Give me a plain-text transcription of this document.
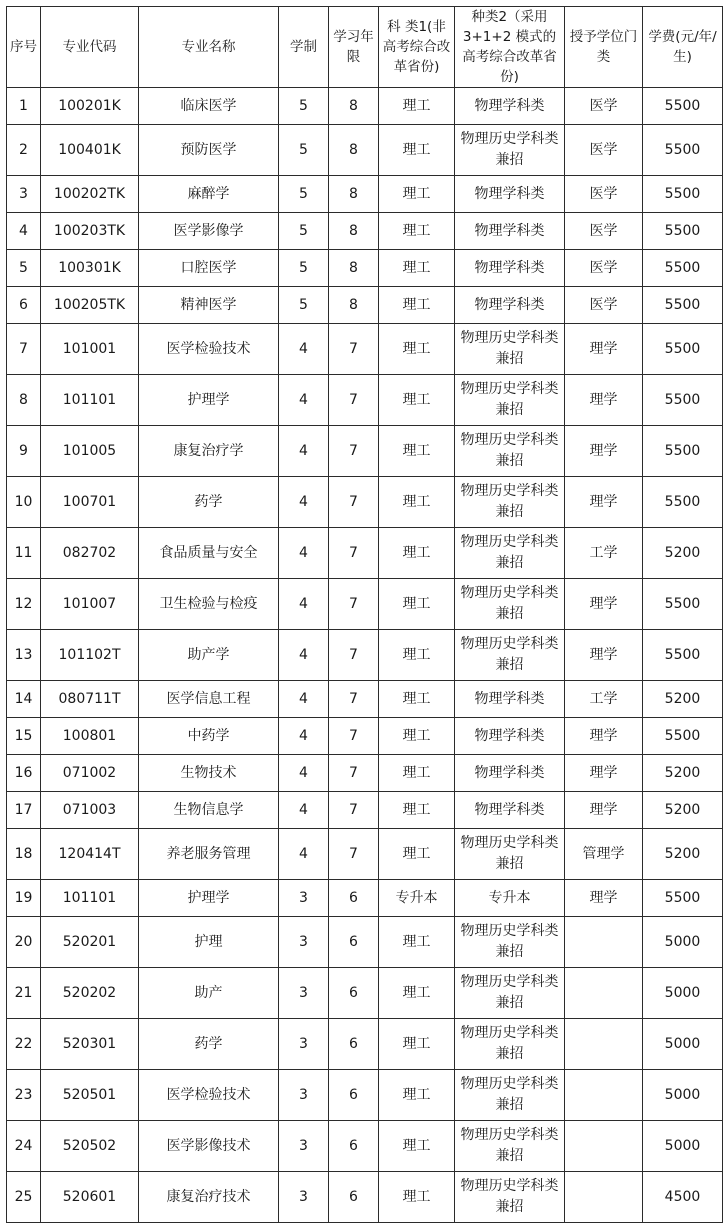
序号	专业代码	专业名称	学制	学习年限	科 类1(非高考综合改革省份)	种类2（采用3+1+2 模式的高考综合改革省份)	授予学位门类	学费(元/年/生)
1	100201K	临床医学	5	8	理工	物理学科类	医学	5500
2	100401K	预防医学	5	8	理工	物理历史学科类兼招	医学	5500
3	100202TK	麻醉学	5	8	理工	物理学科类	医学	5500
4	100203TK	医学影像学	5	8	理工	物理学科类	医学	5500
5	100301K	口腔医学	5	8	理工	物理学科类	医学	5500
6	100205TK	精神医学	5	8	理工	物理学科类	医学	5500
7	101001	医学检验技术	4	7	理工	物理历史学科类兼招	理学	5500
8	101101	护理学	4	7	理工	物理历史学科类兼招	理学	5500
9	101005	康复治疗学	4	7	理工	物理历史学科类兼招	理学	5500
10	100701	药学	4	7	理工	物理历史学科类兼招	理学	5500
11	082702	食品质量与安全	4	7	理工	物理历史学科类兼招	工学	5200
12	101007	卫生检验与检疫	4	7	理工	物理历史学科类兼招	理学	5500
13	101102T	助产学	4	7	理工	物理历史学科类兼招	理学	5500
14	080711T	医学信息工程	4	7	理工	物理学科类	工学	5200
15	100801	中药学	4	7	理工	物理学科类	理学	5500
16	071002	生物技术	4	7	理工	物理学科类	理学	5200
17	071003	生物信息学	4	7	理工	物理学科类	理学	5200
18	120414T	养老服务管理	4	7	理工	物理历史学科类兼招	管理学	5200
19	101101	护理学	3	6	专升本	专升本	理学	5500
20	520201	护理	3	6	理工	物理历史学科类兼招		5000
21	520202	助产	3	6	理工	物理历史学科类兼招		5000
22	520301	药学	3	6	理工	物理历史学科类兼招		5000
23	520501	医学检验技术	3	6	理工	物理历史学科类兼招		5000
24	520502	医学影像技术	3	6	理工	物理历史学科类兼招		5000
25	520601	康复治疗技术	3	6	理工	物理历史学科类兼招		4500
